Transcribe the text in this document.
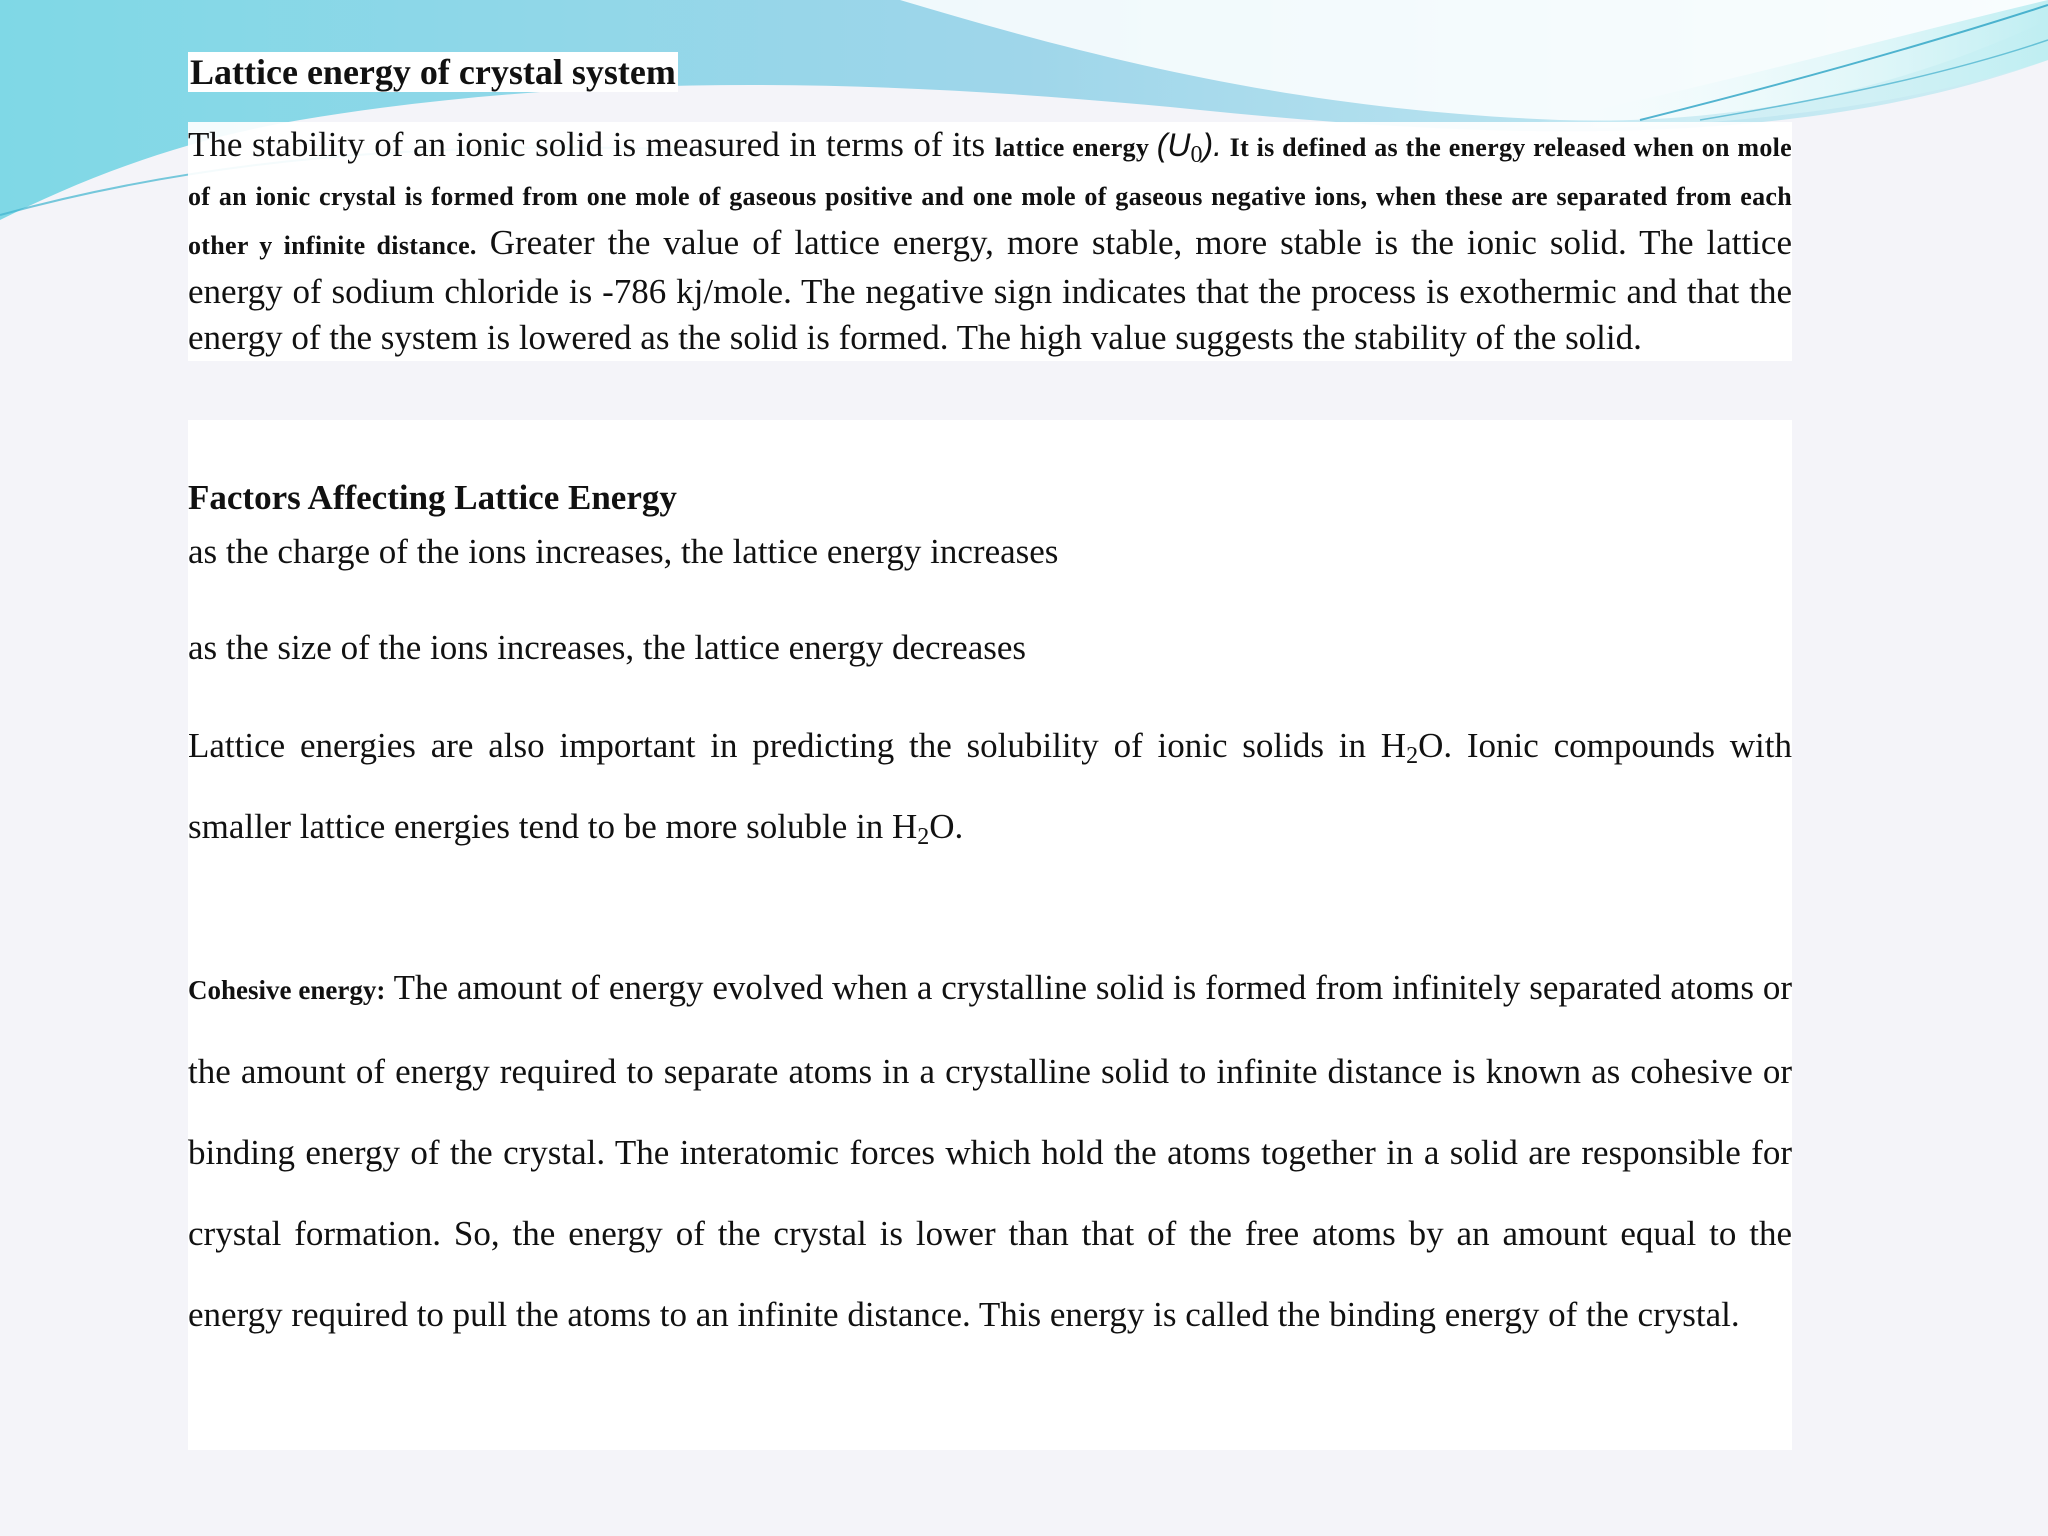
Lattice energy of crystal system

The stability of an ionic solid is measured in terms of its lattice energy $(U_0)$. It is defined as the energy released when on mole of an ionic crystal is formed from one mole of gaseous positive and one mole of gaseous negative ions, when these are separated from each other y infinite distance. Greater the value of lattice energy, more stable, more stable is the ionic solid. The lattice energy of sodium chloride is -786 kj/mole. The negative sign indicates that the process is exothermic and that the energy of the system is lowered as the solid is formed. The high value suggests the stability of the solid.

Factors Affecting Lattice Energy

as the charge of the ions increases, the lattice energy increases

as the size of the ions increases, the lattice energy decreases

Lattice energies are also important in predicting the solubility of ionic solids in $H_2O$. Ionic compounds with smaller lattice energies tend to be more soluble in $H_2O$.

Cohesive energy: The amount of energy evolved when a crystalline solid is formed from infinitely separated atoms or the amount of energy required to separate atoms in a crystalline solid to infinite distance is known as cohesive or binding energy of the crystal. The interatomic forces which hold the atoms together in a solid are responsible for crystal formation. So, the energy of the crystal is lower than that of the free atoms by an amount equal to the energy required to pull the atoms to an infinite distance. This energy is called the binding energy of the crystal.
